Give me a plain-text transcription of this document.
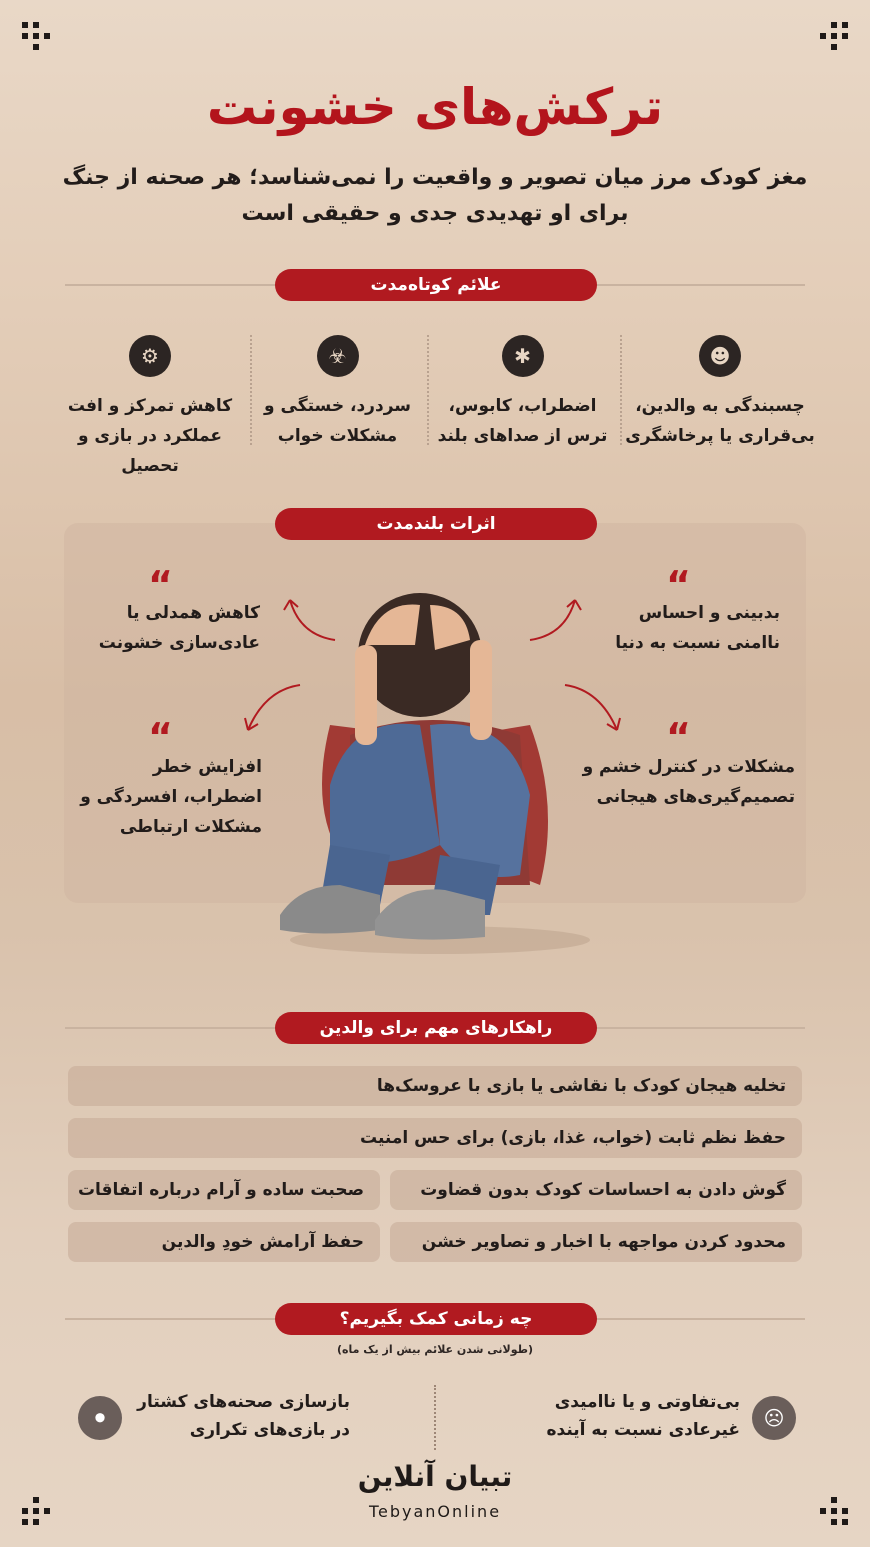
ترکش‌های خشونت
مغز کودک مرز میان تصویر و واقعیت را نمی‌شناسد؛ هر صحنه از جنگ برای او تهدیدی جدی و حقیقی است
علائم کوتاه‌مدت
☻
چسبندگی به والدین، بی‌قراری یا پرخاشگری
✱
اضطراب، کابوس، ترس از صداهای بلند
☣
سردرد، خستگی و مشکلات خواب
⚙
کاهش تمرکز و افت عملکرد در بازی و تحصیل
اثرات بلندمدت
“
بدبینی و احساس ناامنی نسبت به دنیا
“
کاهش همدلی یا عادی‌سازی خشونت
“
مشکلات در کنترل خشم و تصمیم‌گیری‌های هیجانی
“
افزایش خطر اضطراب، افسردگی و مشکلات ارتباطی
راهکارهای مهم برای والدین
تخلیه هیجان کودک با نقاشی یا بازی با عروسک‌ها
حفظ نظم ثابت (خواب، غذا، بازی) برای حس امنیت
گوش دادن به احساسات کودک بدون قضاوت
صحبت ساده و آرام درباره اتفاقات
محدود کردن مواجهه با اخبار و تصاویر خشن
حفظ آرامش خودِ والدین
چه زمانی کمک بگیریم؟
(طولانی شدن علائم بیش از یک ماه)
☹
بی‌تفاوتی و یا ناامیدی غیرعادی نسبت به آینده
بازسازی صحنه‌های کشتار در بازی‌های تکراری
⚫
تبیان آنلاین
TebyanOnline
